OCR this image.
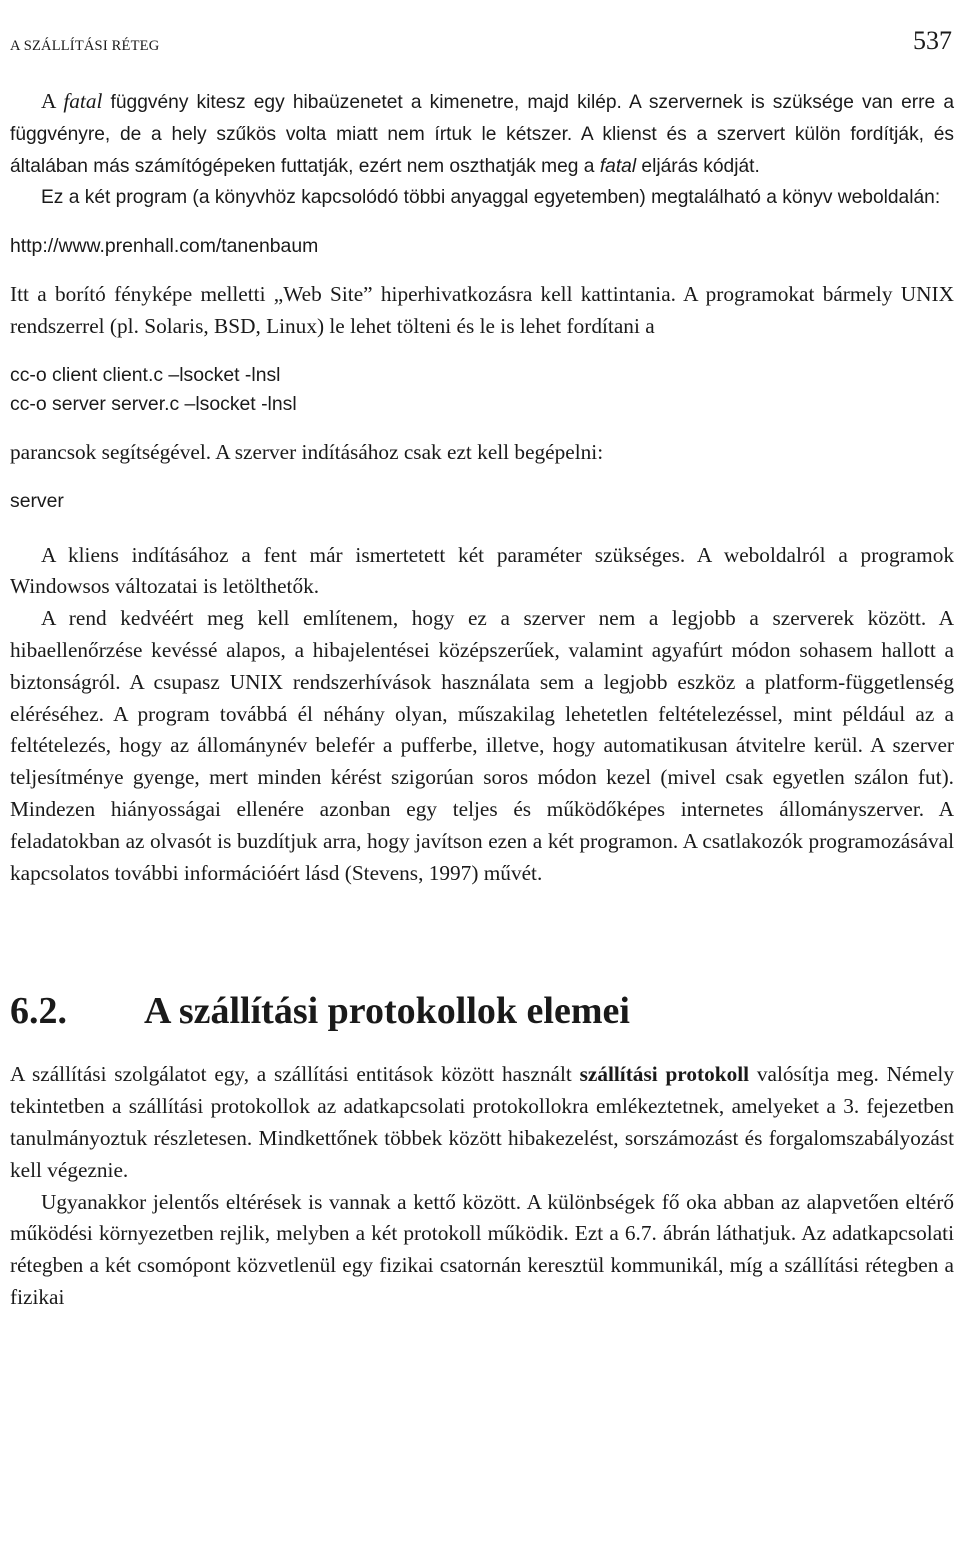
A SZÁLLÍTÁSI RÉTEG	537

A fatal függvény kitesz egy hibaüzenetet a kimenetre, majd kilép. A szervernek is szüksége van erre a függvényre, de a hely szűkös volta miatt nem írtuk le kétszer. A klienst és a szervert külön fordítják, és általában más számítógépeken futtatják, ezért nem oszthatják meg a fatal eljárás kódját.

Ez a két program (a könyvhöz kapcsolódó többi anyaggal egyetemben) megtalálható a könyv weboldalán:

http://www.prenhall.com/tanenbaum

Itt a borító fényképe melletti „Web Site” hiperhivatkozásra kell kattintania. A programokat bármely UNIX rendszerrel (pl. Solaris, BSD, Linux) le lehet tölteni és le is lehet fordítani a

cc-o client client.c –lsocket -lnsl
cc-o server server.c –lsocket -lnsl

parancsok segítségével. A szerver indításához csak ezt kell begépelni:

server

A kliens indításához a fent már ismertetett két paraméter szükséges. A weboldalról a programok Windowsos változatai is letölthetők.

A rend kedvéért meg kell említenem, hogy ez a szerver nem a legjobb a szerverek között. A hibaellenőrzése kevéssé alapos, a hibajelentései középszerűek, valamint agyafúrt módon sohasem hallott a biztonságról. A csupasz UNIX rendszerhívások használata sem a legjobb eszköz a platform-függetlenség eléréséhez. A program továbbá él néhány olyan, műszakilag lehetetlen feltételezéssel, mint például az a feltételezés, hogy az állománynév belefér a pufferbe, illetve, hogy automatikusan átvitelre kerül. A szerver teljesítménye gyenge, mert minden kérést szigorúan soros módon kezel (mivel csak egyetlen szálon fut). Mindezen hiányosságai ellenére azonban egy teljes és működőképes internetes állományszerver. A feladatokban az olvasót is buzdítjuk arra, hogy javítson ezen a két programon. A csatlakozók programozásával kapcsolatos további információért lásd (Stevens, 1997) művét.

6.2.	A szállítási protokollok elemei

A szállítási szolgálatot egy, a szállítási entitások között használt szállítási protokoll valósítja meg. Némely tekintetben a szállítási protokollok az adatkapcsolati protokollokra emlékeztetnek, amelyeket a 3. fejezetben tanulmányoztuk részletesen. Mindkettőnek többek között hibakezelést, sorszámozást és forgalomszabályozást kell végeznie.

Ugyanakkor jelentős eltérések is vannak a kettő között. A különbségek fő oka abban az alapvetően eltérő működési környezetben rejlik, melyben a két protokoll működik. Ezt a 6.7. ábrán láthatjuk. Az adatkapcsolati rétegben a két csomópont közvetlenül egy fizikai csatornán keresztül kommunikál, míg a szállítási rétegben a fizikai
